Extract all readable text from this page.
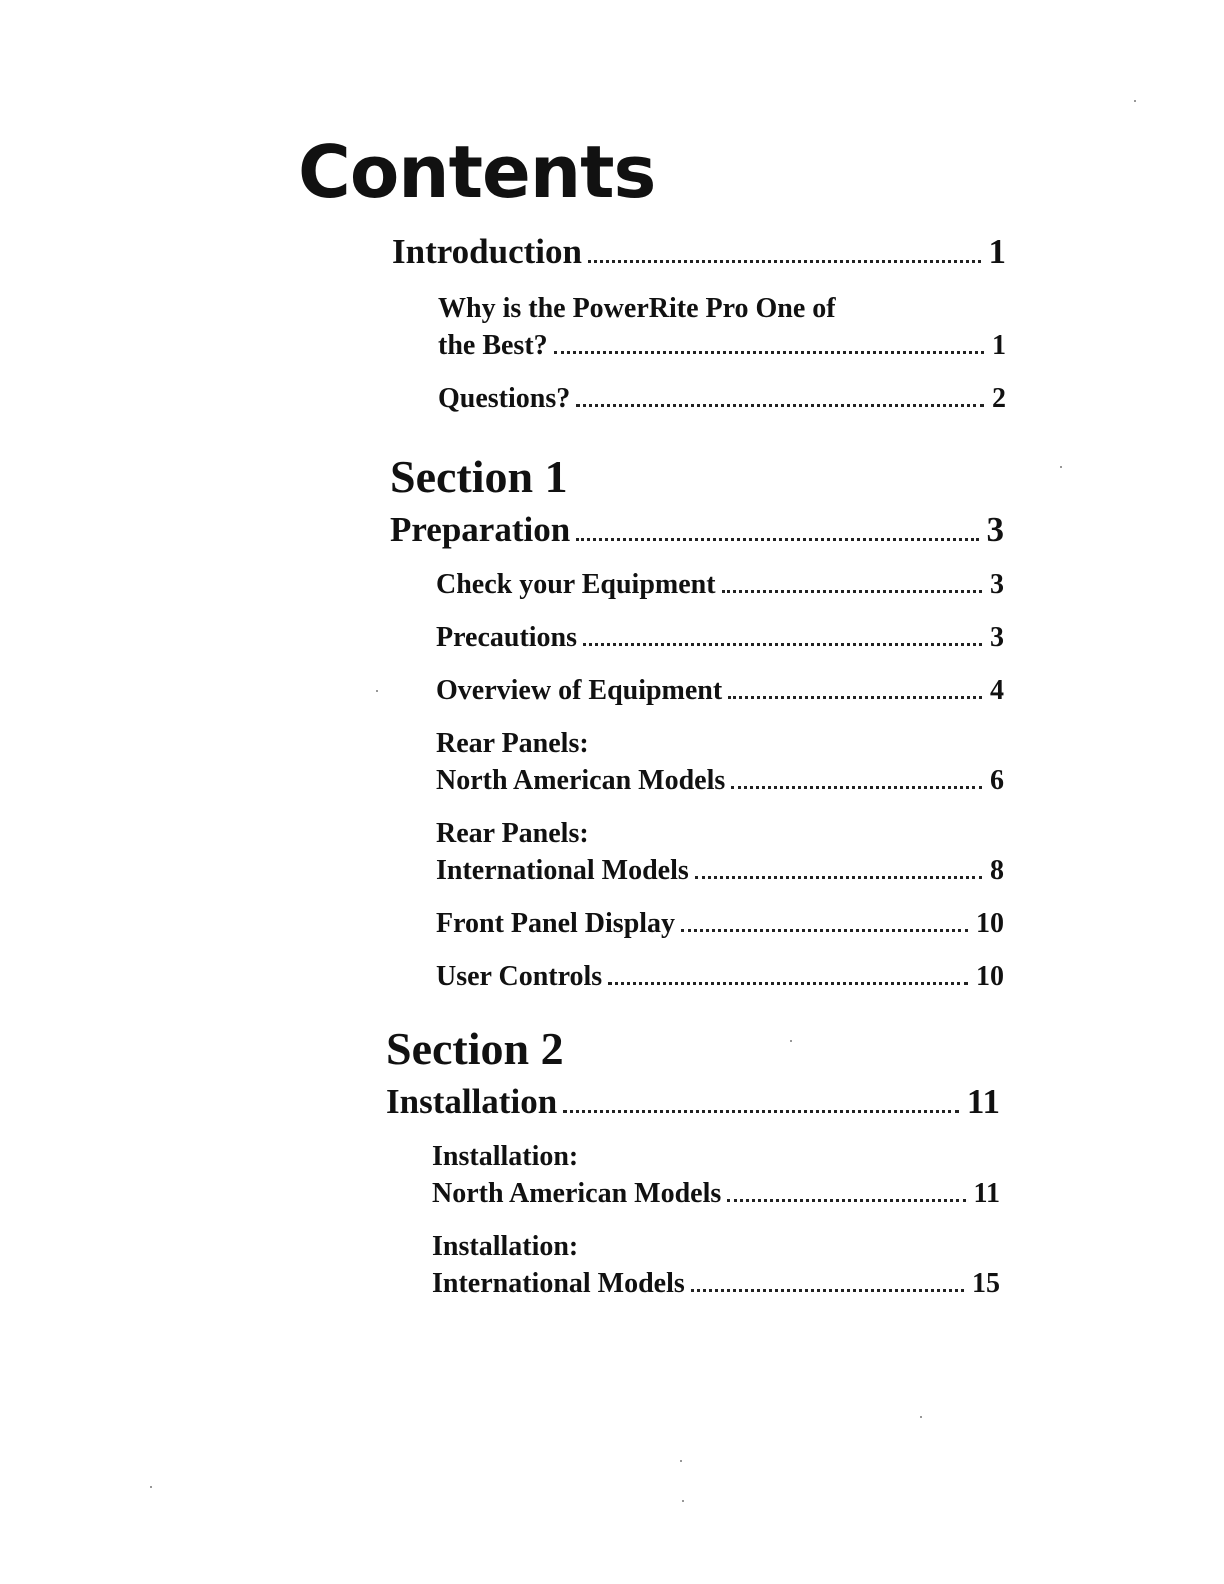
Contents
Introduction	1
Why is the PowerRite Pro One of
the Best?	1
Questions?	2
Section 1
Preparation	3
Check your Equipment	3
Precautions	3
Overview of Equipment	4
Rear Panels:
North American Models	6
Rear Panels:
International Models	8
Front Panel Display	10
User Controls	10
Section 2
Installation	11
Installation:
North American Models	11
Installation:
International Models	15
